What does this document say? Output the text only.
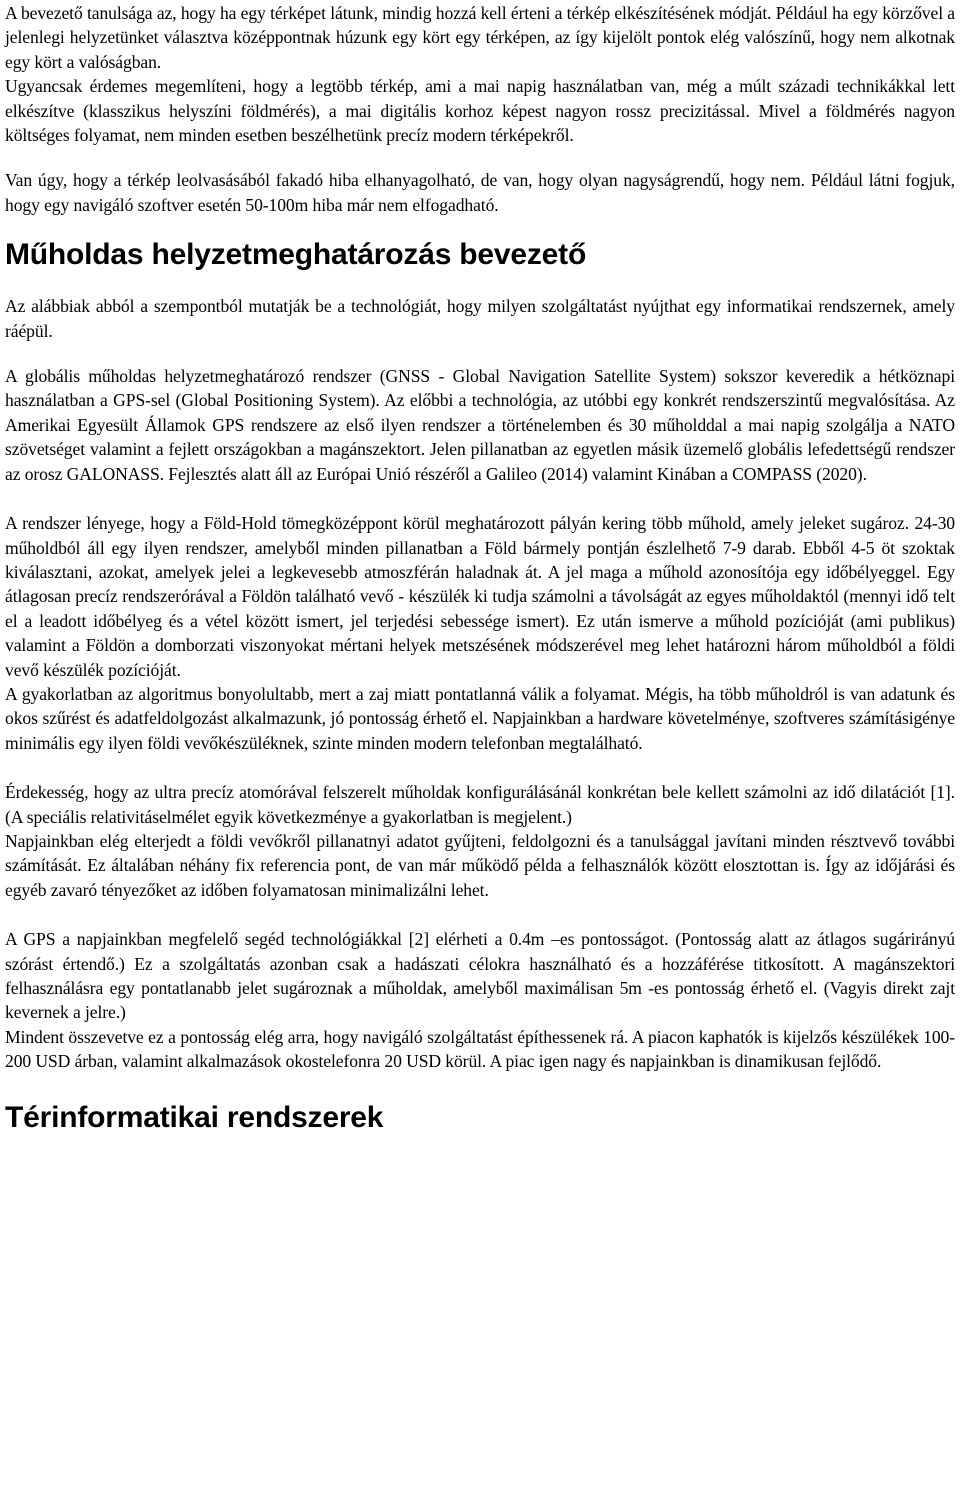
A bevezető tanulsága az, hogy ha egy térképet látunk, mindig hozzá kell érteni a térkép elkészítésének módját. Például ha egy körzővel a jelenlegi helyzetünket választva középpontnak húzunk egy kört egy térképen, az így kijelölt pontok elég valószínű, hogy nem alkotnak egy kört a valóságban.

Ugyancsak érdemes megemlíteni, hogy a legtöbb térkép, ami a mai napig használatban van, még a múlt századi technikákkal lett elkészítve (klasszikus helyszíni földmérés), a mai digitális korhoz képest nagyon rossz precizitással. Mivel a földmérés nagyon költséges folyamat, nem minden esetben beszélhetünk precíz modern térképekről.

Van úgy, hogy a térkép leolvasásából fakadó hiba elhanyagolható, de van, hogy olyan nagyságrendű, hogy nem. Például látni fogjuk, hogy egy navigáló szoftver esetén 50-100m hiba már nem elfogadható.

Műholdas helyzetmeghatározás bevezető

Az alábbiak abból a szempontból mutatják be a technológiát, hogy milyen szolgáltatást nyújthat egy informatikai rendszernek, amely ráépül.

A globális műholdas helyzetmeghatározó rendszer (GNSS - Global Navigation Satellite System) sokszor keveredik a hétköznapi használatban a GPS-sel (Global Positioning System). Az előbbi a technológia, az utóbbi egy konkrét rendszerszintű megvalósítása. Az Amerikai Egyesült Államok GPS rendszere az első ilyen rendszer a történelemben és 30 műholddal a mai napig szolgálja a NATO szövetséget valamint a fejlett országokban a magánszektort. Jelen pillanatban az egyetlen másik üzemelő globális lefedettségű rendszer az orosz GALONASS. Fejlesztés alatt áll az Európai Unió részéről a Galileo (2014) valamint Kinában a COMPASS (2020).

A rendszer lényege, hogy a Föld-Hold tömegközéppont körül meghatározott pályán kering több műhold, amely jeleket sugároz. 24-30 műholdból áll egy ilyen rendszer, amelyből minden pillanatban a Föld bármely pontján észlelhető 7-9 darab. Ebből 4-5 öt szoktak kiválasztani, azokat, amelyek jelei a legkevesebb atmoszférán haladnak át. A jel maga a műhold azonosítója egy időbélyeggel. Egy átlagosan precíz rendszerórával a Földön található vevő - készülék ki tudja számolni a távolságát az egyes műholdaktól (mennyi idő telt el a leadott időbélyeg és a vétel között ismert, jel terjedési sebessége ismert). Ez után ismerve a műhold pozícióját (ami publikus) valamint a Földön a domborzati viszonyokat mértani helyek metszésének módszerével meg lehet határozni három műholdból a földi vevő készülék pozícióját.

A gyakorlatban az algoritmus bonyolultabb, mert a zaj miatt pontatlanná válik a folyamat. Mégis, ha több műholdról is van adatunk és okos szűrést és adatfeldolgozást alkalmazunk, jó pontosság érhető el. Napjainkban a hardware követelménye, szoftveres számításigénye minimális egy ilyen földi vevőkészüléknek, szinte minden modern telefonban megtalálható.

Érdekesség, hogy az ultra precíz atomórával felszerelt műholdak konfigurálásánál konkrétan bele kellett számolni az idő dilatációt [1]. (A speciális relativitáselmélet egyik következménye a gyakorlatban is megjelent.)

Napjainkban elég elterjedt a földi vevőkről pillanatnyi adatot gyűjteni, feldolgozni és a tanulsággal javítani minden résztvevő további számítását. Ez általában néhány fix referencia pont, de van már működő példa a felhasználók között elosztottan is. Így az időjárási és egyéb zavaró tényezőket az időben folyamatosan minimalizálni lehet.

A GPS a napjainkban megfelelő segéd technológiákkal [2] elérheti a 0.4m –es pontosságot. (Pontosság alatt az átlagos sugárirányú szórást értendő.) Ez a szolgáltatás azonban csak a hadászati célokra használható és a hozzáférése titkosított. A magánszektori felhasználásra egy pontatlanabb jelet sugároznak a műholdak, amelyből maximálisan 5m -es pontosság érhető el. (Vagyis direkt zajt kevernek a jelre.)

Mindent összevetve ez a pontosság elég arra, hogy navigáló szolgáltatást építhessenek rá. A piacon kaphatók is kijelzős készülékek 100-200 USD árban, valamint alkalmazások okostelefonra 20 USD körül. A piac igen nagy és napjainkban is dinamikusan fejlődő.

Térinformatikai rendszerek
